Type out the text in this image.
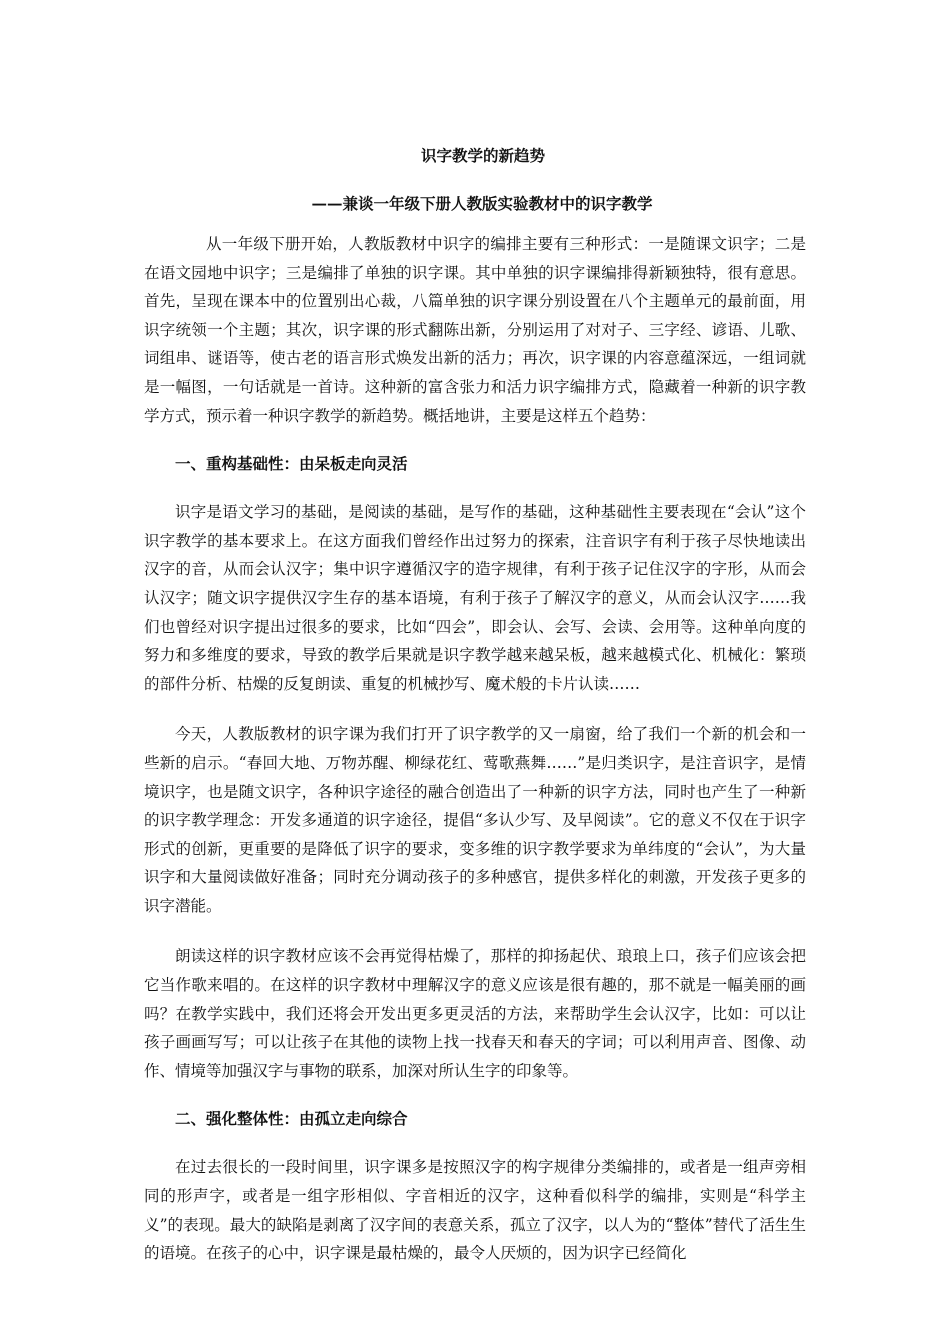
识字教学的新趋势
——兼谈一年级下册人教版实验教材中的识字教学

从一年级下册开始，人教版教材中识字的编排主要有三种形式：一是随课文识字；二是在语文园地中识字；三是编排了单独的识字课。其中单独的识字课编排得新颖独特，很有意思。首先，呈现在课本中的位置别出心裁，八篇单独的识字课分别设置在八个主题单元的最前面，用识字统领一个主题；其次，识字课的形式翻陈出新，分别运用了对对子、三字经、谚语、儿歌、词组串、谜语等，使古老的语言形式焕发出新的活力；再次，识字课的内容意蕴深远，一组词就是一幅图，一句话就是一首诗。这种新的富含张力和活力识字编排方式，隐藏着一种新的识字教学方式，预示着一种识字教学的新趋势。概括地讲，主要是这样五个趋势：

一、重构基础性：由呆板走向灵活

识字是语文学习的基础，是阅读的基础，是写作的基础，这种基础性主要表现在“会认”这个识字教学的基本要求上。在这方面我们曾经作出过努力的探索，注音识字有利于孩子尽快地读出汉字的音，从而会认汉字；集中识字遵循汉字的造字规律，有利于孩子记住汉字的字形，从而会认汉字；随文识字提供汉字生存的基本语境，有利于孩子了解汉字的意义，从而会认汉字……我们也曾经对识字提出过很多的要求，比如“四会”，即会认、会写、会读、会用等。这种单向度的努力和多维度的要求，导致的教学后果就是识字教学越来越呆板，越来越模式化、机械化：繁琐的部件分析、枯燥的反复朗读、重复的机械抄写、魔术般的卡片认读……

今天，人教版教材的识字课为我们打开了识字教学的又一扇窗，给了我们一个新的机会和一些新的启示。“春回大地、万物苏醒、柳绿花红、莺歌燕舞……”是归类识字，是注音识字，是情境识字，也是随文识字，各种识字途径的融合创造出了一种新的识字方法，同时也产生了一种新的识字教学理念：开发多通道的识字途径，提倡“多认少写、及早阅读”。它的意义不仅在于识字形式的创新，更重要的是降低了识字的要求，变多维的识字教学要求为单纬度的“会认”，为大量识字和大量阅读做好准备；同时充分调动孩子的多种感官，提供多样化的刺激，开发孩子更多的识字潜能。

朗读这样的识字教材应该不会再觉得枯燥了，那样的抑扬起伏、琅琅上口，孩子们应该会把它当作歌来唱的。在这样的识字教材中理解汉字的意义应该是很有趣的，那不就是一幅美丽的画吗？在教学实践中，我们还将会开发出更多更灵活的方法，来帮助学生会认汉字，比如：可以让孩子画画写写；可以让孩子在其他的读物上找一找春天和春天的字词；可以利用声音、图像、动作、情境等加强汉字与事物的联系，加深对所认生字的印象等。

二、强化整体性：由孤立走向综合

在过去很长的一段时间里，识字课多是按照汉字的构字规律分类编排的，或者是一组声旁相同的形声字，或者是一组字形相似、字音相近的汉字，这种看似科学的编排，实则是“科学主义”的表现。最大的缺陷是剥离了汉字间的表意关系，孤立了汉字，以人为的“整体”替代了活生生的语境。在孩子的心中，识字课是最枯燥的，最令人厌烦的，因为识字已经简化
